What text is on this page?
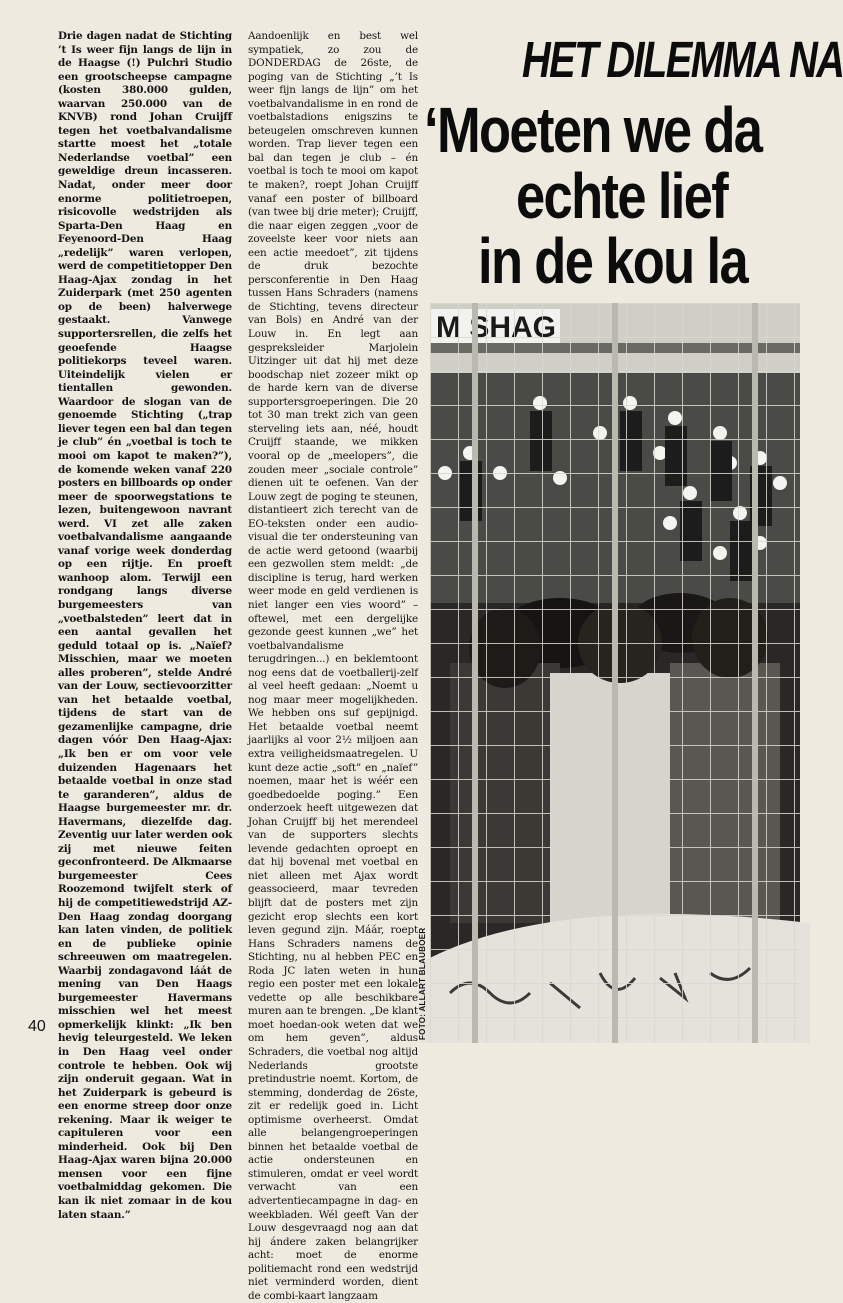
Drie dagen nadat de Stichting ’t Is weer fijn langs de lijn in de Haagse (!) Pulchri Studio een grootscheepse campagne (kosten 380.000 gulden, waarvan 250.000 van de KNVB) rond Johan Cruijff tegen het voetbalvandalisme startte moest het „totale Nederlandse voetbal” een geweldige dreun incasseren. Nadat, onder meer door enorme politietroepen, risicovolle wedstrijden als Sparta-Den Haag en Feyenoord-Den Haag „redelijk” waren verlopen, werd de competitietopper Den Haag-Ajax zondag in het Zuiderpark (met 250 agenten op de been) halverwege gestaakt. Vanwege supportersrellen, die zelfs het geoefende Haagse politiekorps teveel waren. Uiteindelijk vielen er tientallen gewonden. Waardoor de slogan van de genoemde Stichting („trap liever tegen een bal dan tegen je club” én „voetbal is toch te mooi om kapot te maken?”), de komende weken vanaf 220 posters en billboards op onder meer de spoorwegstations te lezen, buitengewoon navrant werd. VI zet alle zaken voetbalvandalisme aangaande vanaf vorige week donderdag op een rijtje. En proeft wanhoop alom. Terwijl een rondgang langs diverse burgemeesters van „voetbalsteden” leert dat in een aantal gevallen het geduld totaal op is. „Naïef? Misschien, maar we moeten alles proberen”, stelde André van der Louw, sectievoorzitter van het betaalde voetbal, tijdens de start van de gezamenlijke campagne, drie dagen vóór Den Haag-Ajax: „Ik ben er om voor vele duizenden Hagenaars het betaalde voetbal in onze stad te garanderen”, aldus de Haagse burgemeester mr. dr. Havermans, diezelfde dag. Zeventig uur later werden ook zij met nieuwe feiten geconfronteerd. De Alkmaarse burgemeester Cees Roozemond twijfelt sterk of hij de competitiewedstrijd AZ-Den Haag zondag doorgang kan laten vinden, de politiek en de publieke opinie schreeuwen om maatregelen. Waarbij zondagavond láát de mening van Den Haags burgemeester Havermans misschien wel het meest opmerkelijk klinkt: „Ik ben hevig teleurgesteld. We leken in Den Haag veel onder controle te hebben. Ook wij zijn onderuit gegaan. Wat in het Zuiderpark is gebeurd is een enorme streep door onze rekening. Maar ik weiger te capituleren voor een minderheid. Ook bij Den Haag-Ajax waren bijna 20.000 mensen voor een fijne voetbalmiddag gekomen. Die kan ik niet zomaar in de kou laten staan.”

Aandoenlijk en best wel sympatiek, zo zou de DONDERDAG de 26ste, de poging van de Stichting „’t Is weer fijn langs de lijn” om het voetbalvandalisme in en rond de voetbalstadions enigszins te beteugelen omschreven kunnen worden. Trap liever tegen een bal dan tegen je club – én voetbal is toch te mooi om kapot te maken?, roept Johan Cruijff vanaf een poster of billboard (van twee bij drie meter); Cruijff, die naar eigen zeggen „voor de zoveelste keer voor niets aan een actie meedoet”, zit tijdens de druk bezochte persconferentie in Den Haag tussen Hans Schraders (namens de Stichting, tevens directeur van Bols) en André van der Louw in. En legt aan gespreksleider Marjolein Uitzinger uit dat hij met deze boodschap niet zozeer mikt op de harde kern van de diverse supportersgroeperingen. Die 20 tot 30 man trekt zich van geen sterveling iets aan, néé, houdt Cruijff staande, we mikken vooral op de „meelopers”, die zouden meer „sociale controle” dienen uit te oefenen. Van der Louw zegt de poging te steunen, distantieert zich terecht van de EO-teksten onder een audio-visual die ter ondersteuning van de actie werd getoond (waarbij een gezwollen stem meldt: „de discipline is terug, hard werken weer mode en geld verdienen is niet langer een vies woord” – oftewel, met een dergelijke gezonde geest kunnen „we” het voetbalvandalisme terugdringen...) en beklemtoont nog eens dat de voetballerij-zelf al veel heeft gedaan: „Noemt u nog maar meer mogelijkheden. We hebben ons suf gepijnigd. Het betaalde voetbal neemt jaarlijks al voor 2½ miljoen aan extra veiligheidsmaatregelen. U kunt deze actie „soft” en „naïef” noemen, maar het is wéér een goedbedoelde poging.” Een onderzoek heeft uitgewezen dat Johan Cruijff bij het merendeel van de supporters slechts levende gedachten oproept en dat hij bovenal met voetbal en niet alleen met Ajax wordt geassocieerd, maar tevreden blijft dat de posters met zijn gezicht erop slechts een kort leven gegund zijn. Máár, roept Hans Schraders namens de Stichting, nu al hebben PEC en Roda JC laten weten in hun regio een poster met een lokale vedette op alle beschikbare muren aan te brengen. „De klant moet hoedan-ook weten dat we om hem geven”, aldus Schraders, die voetbal nog altijd Nederlands grootste pretindustrie noemt. Kortom, de stemming, donderdag de 26ste, zit er redelijk goed in. Licht optimisme overheerst. Omdat alle belangengroeperingen binnen het betaalde voetbal de actie ondersteunen en stimuleren, omdat er veel wordt verwacht van een advertentiecampagne in dag- en weekbladen. Wél geeft Van der Louw desgevraagd nog aan dat hij ándere zaken belangrijker acht: moet de enorme politiemacht rond een wedstrijd niet verminderd worden, dient de combi-kaart langzaam

HET DILEMMA NA
‘Moeten we da
echte lief
in de kou la
FOTO: ALLART BLAUBOER
40
